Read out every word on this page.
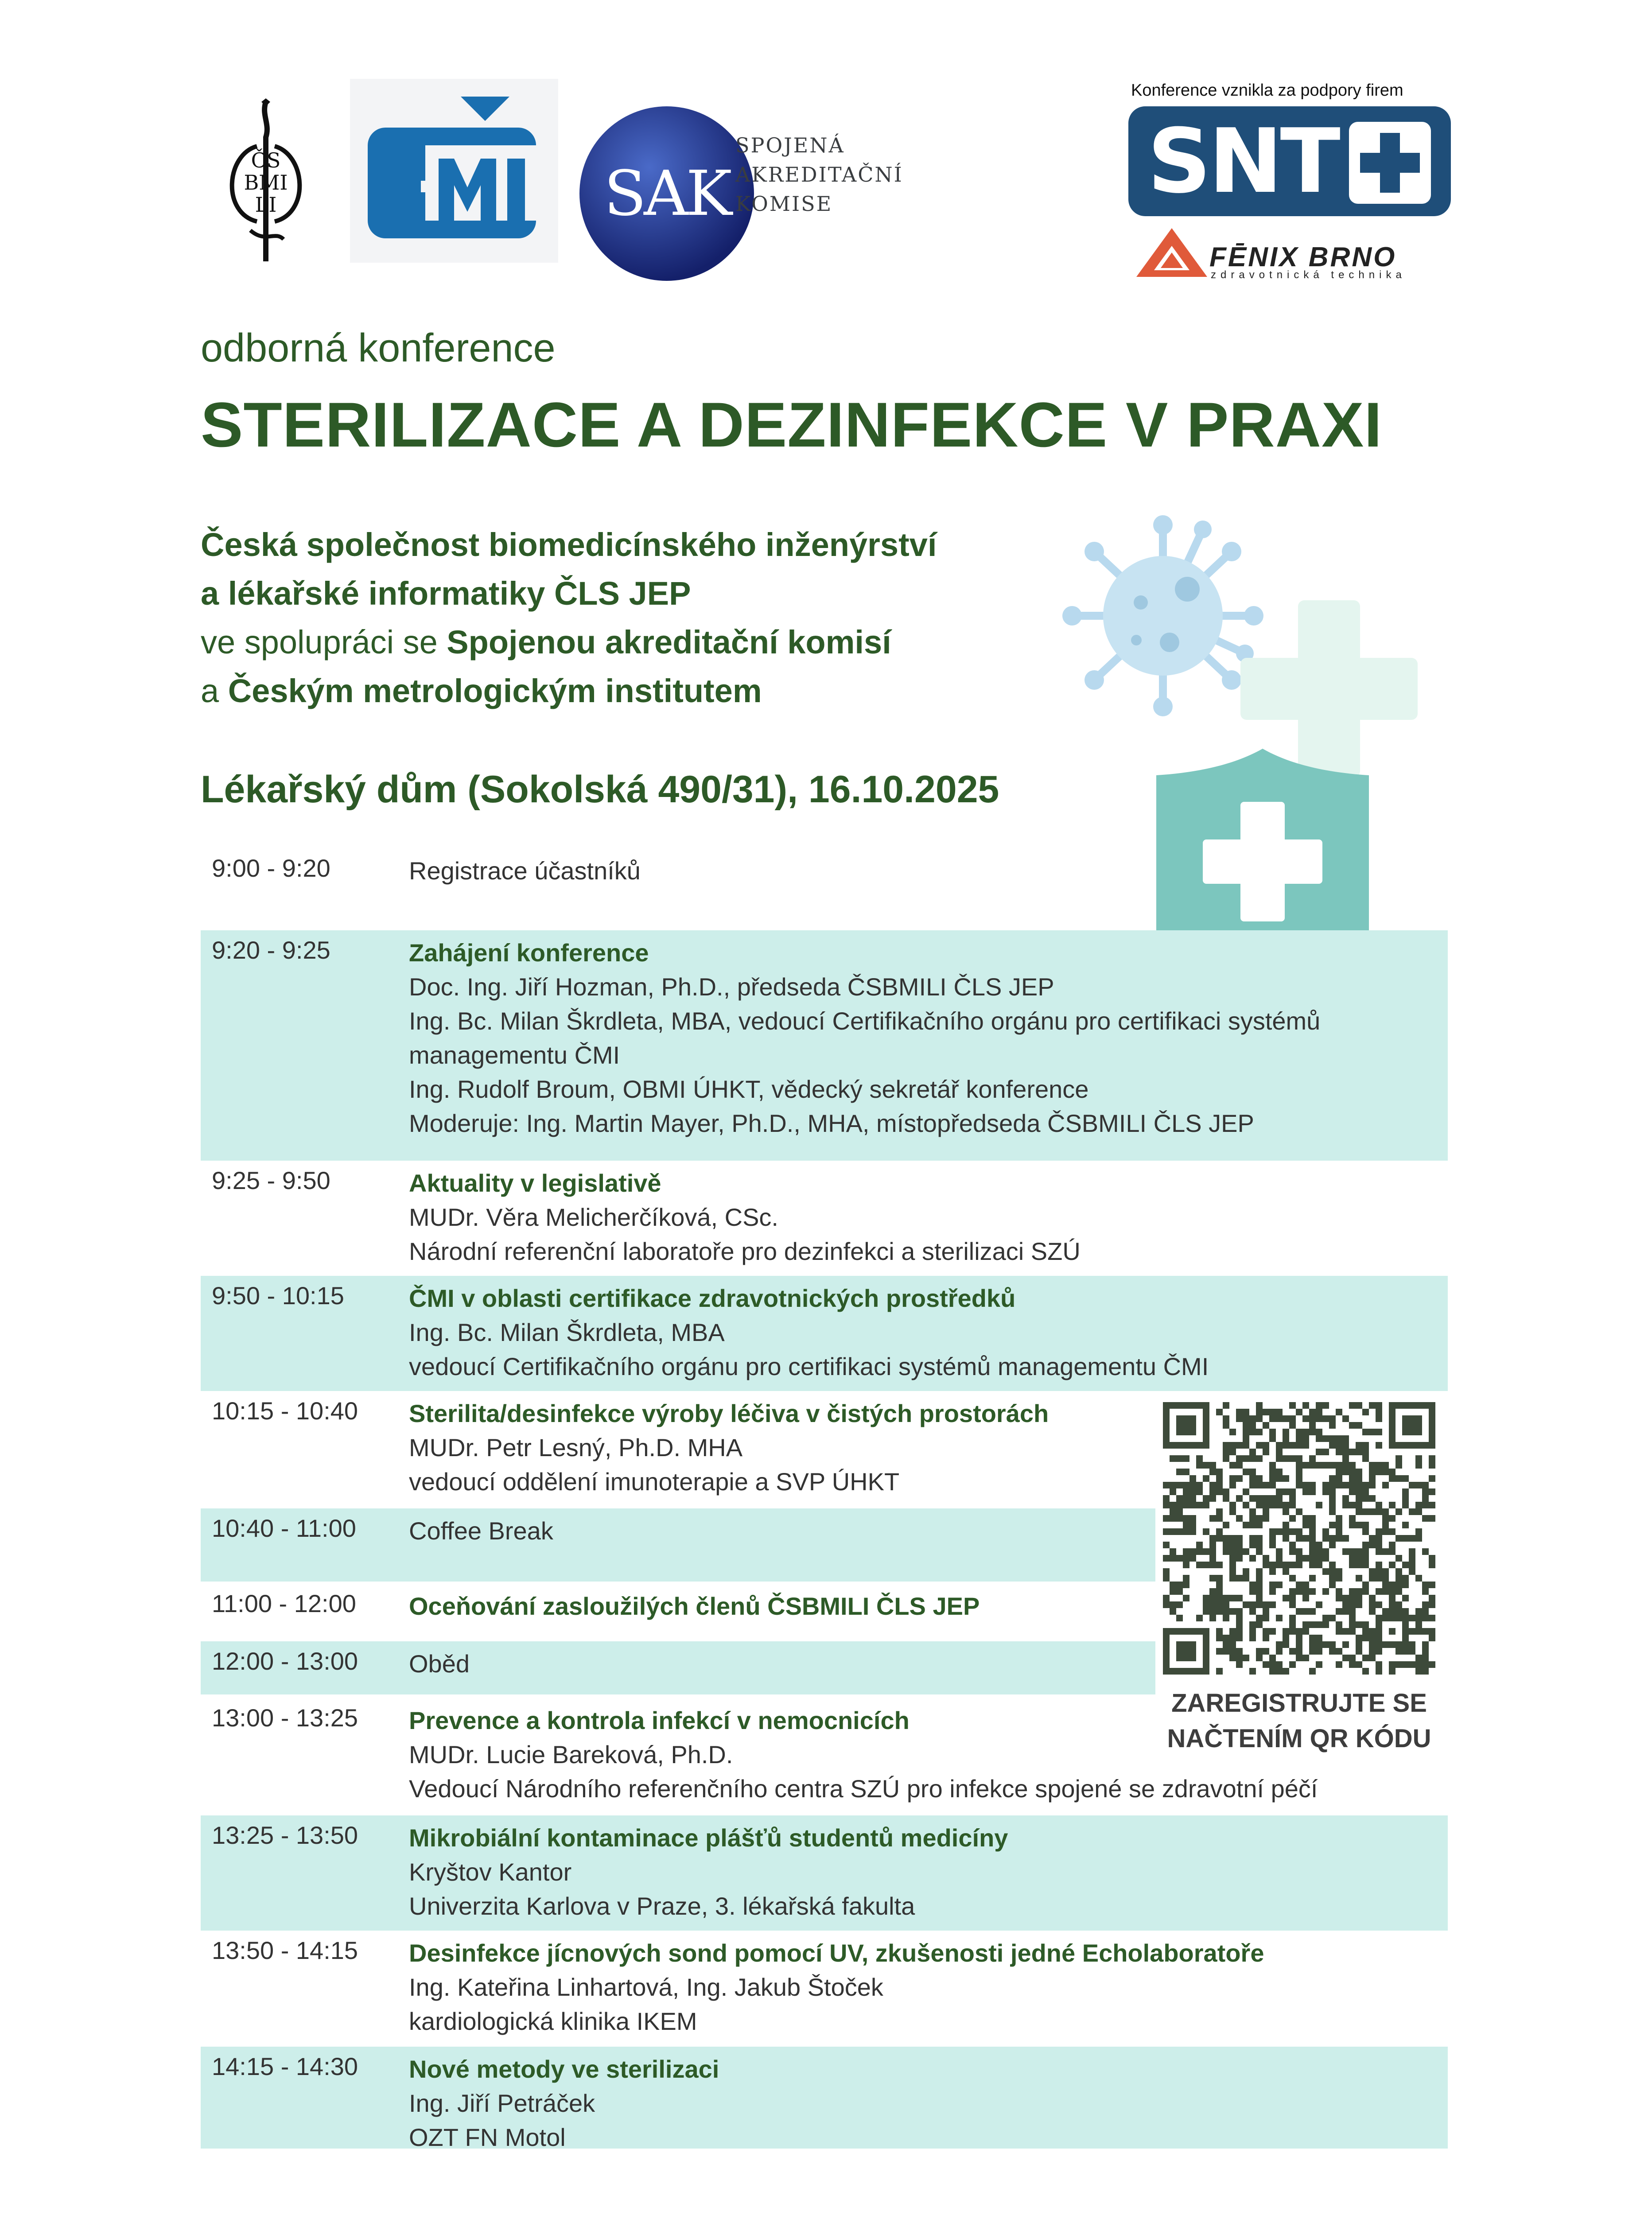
ČS
BMI
LI	SAK
SPOJENÁ
AKREDITAČNÍ
KOMISE
Konference vznikla za podpory firem
SNT
FĒNIX BRNO
zdravotnická technika
odborná konference
STERILIZACE A DEZINFEKCE V PRAXI
Česká společnost biomedicínského inženýrství
a lékařské informatiky ČLS JEP
ve spolupráci se Spojenou akreditační komisí
a Českým metrologickým institutem
Lékařský dům (Sokolská 490/31), 16.10.2025
9:00 - 9:20	Registrace účastníků
9:20 - 9:25	Zahájení konference
Doc. Ing. Jiří Hozman, Ph.D., předseda ČSBMILI ČLS JEP
Ing. Bc. Milan Škrdleta, MBA, vedoucí Certifikačního orgánu pro certifikaci systémů
managementu ČMI
Ing. Rudolf Broum, OBMI ÚHKT, vědecký sekretář konference
Moderuje: Ing. Martin Mayer, Ph.D., MHA, místopředseda ČSBMILI ČLS JEP
9:25 - 9:50	Aktuality v legislativě
MUDr. Věra Melicherčíková, CSc.
Národní referenční laboratoře pro dezinfekci a sterilizaci SZÚ
9:50 - 10:15	ČMI v oblasti certifikace zdravotnických prostředků
Ing. Bc. Milan Škrdleta, MBA
vedoucí Certifikačního orgánu pro certifikaci systémů managementu ČMI
10:15 - 10:40 Sterilita/desinfekce výroby léčiva v čistých prostorách
MUDr. Petr Lesný, Ph.D. MHA
vedoucí oddělení imunoterapie a SVP ÚHKT
10:40 - 11:00 Coffee Break
11:00 - 12:00 Oceňování zasloužilých členů ČSBMILI ČLS JEP
12:00 - 13:00 Oběd
13:00 - 13:25 Prevence a kontrola infekcí v nemocnicích
MUDr. Lucie Bareková, Ph.D.
Vedoucí Národního referenčního centra SZÚ pro infekce spojené se zdravotní péčí
13:25 - 13:50 Mikrobiální kontaminace plášťů studentů medicíny
Kryštov Kantor
Univerzita Karlova v Praze, 3. lékařská fakulta
13:50 - 14:15 Desinfekce jícnových sond pomocí UV, zkušenosti jedné Echolaboratoře
Ing. Kateřina Linhartová, Ing. Jakub Štoček
kardiologická klinika IKEM
14:15 - 14:30 Nové metody ve sterilizaci
Ing. Jiří Petráček
OZT FN Motol
ZAREGISTRUJTE SE
NAČTENÍM QR KÓDU
